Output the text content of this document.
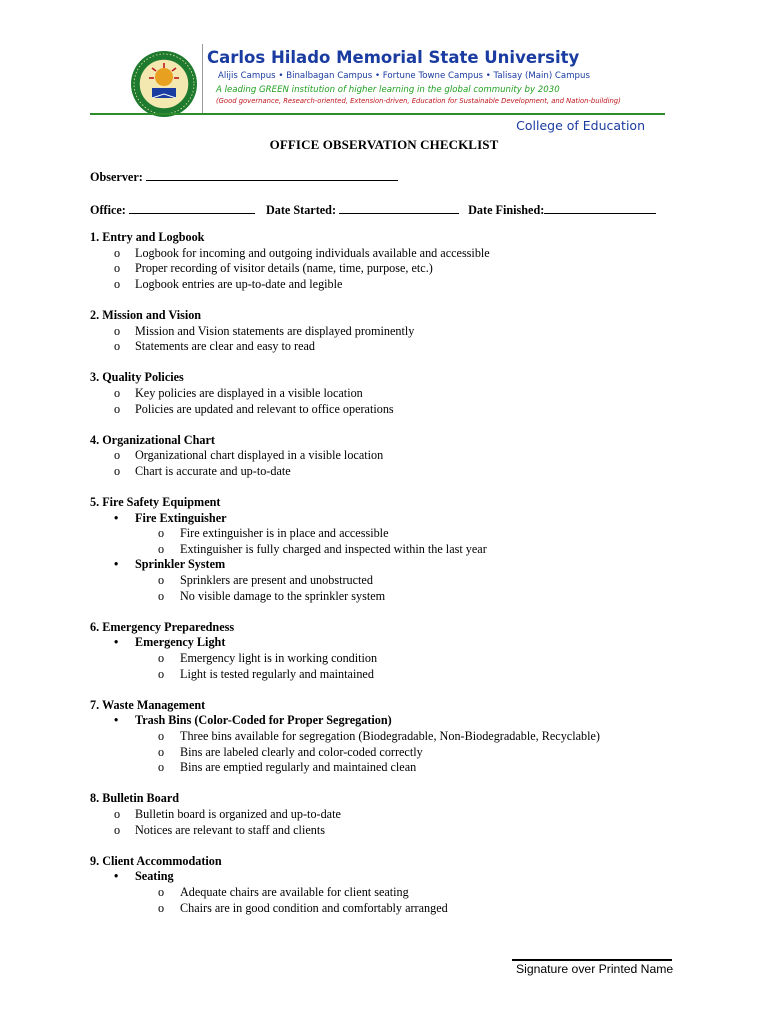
Carlos Hilado Memorial State University
Alijis Campus • Binalbagan Campus • Fortune Towne Campus • Talisay (Main) Campus
A leading GREEN institution of higher learning in the global community by 2030
(Good governance, Research-oriented, Extension-driven, Education for Sustainable Development, and Nation-building)
College of Education
OFFICE OBSERVATION CHECKLIST
Observer:
Office:	Date Started:	Date Finished:
1. Entry and Logbook
o Logbook for incoming and outgoing individuals available and accessible
o Proper recording of visitor details (name, time, purpose, etc.)
o Logbook entries are up-to-date and legible
2. Mission and Vision
o Mission and Vision statements are displayed prominently
o Statements are clear and easy to read
3. Quality Policies
o Key policies are displayed in a visible location
o Policies are updated and relevant to office operations
4. Organizational Chart
o Organizational chart displayed in a visible location
o Chart is accurate and up-to-date
5. Fire Safety Equipment
• Fire Extinguisher
o Fire extinguisher is in place and accessible
o Extinguisher is fully charged and inspected within the last year
• Sprinkler System
o Sprinklers are present and unobstructed
o No visible damage to the sprinkler system
6. Emergency Preparedness
• Emergency Light
o Emergency light is in working condition
o Light is tested regularly and maintained
7. Waste Management
• Trash Bins (Color-Coded for Proper Segregation)
o Three bins available for segregation (Biodegradable, Non-Biodegradable, Recyclable)
o Bins are labeled clearly and color-coded correctly
o Bins are emptied regularly and maintained clean
8. Bulletin Board
o Bulletin board is organized and up-to-date
o Notices are relevant to staff and clients
9. Client Accommodation
• Seating
o Adequate chairs are available for client seating
o Chairs are in good condition and comfortably arranged
Signature over Printed Name
